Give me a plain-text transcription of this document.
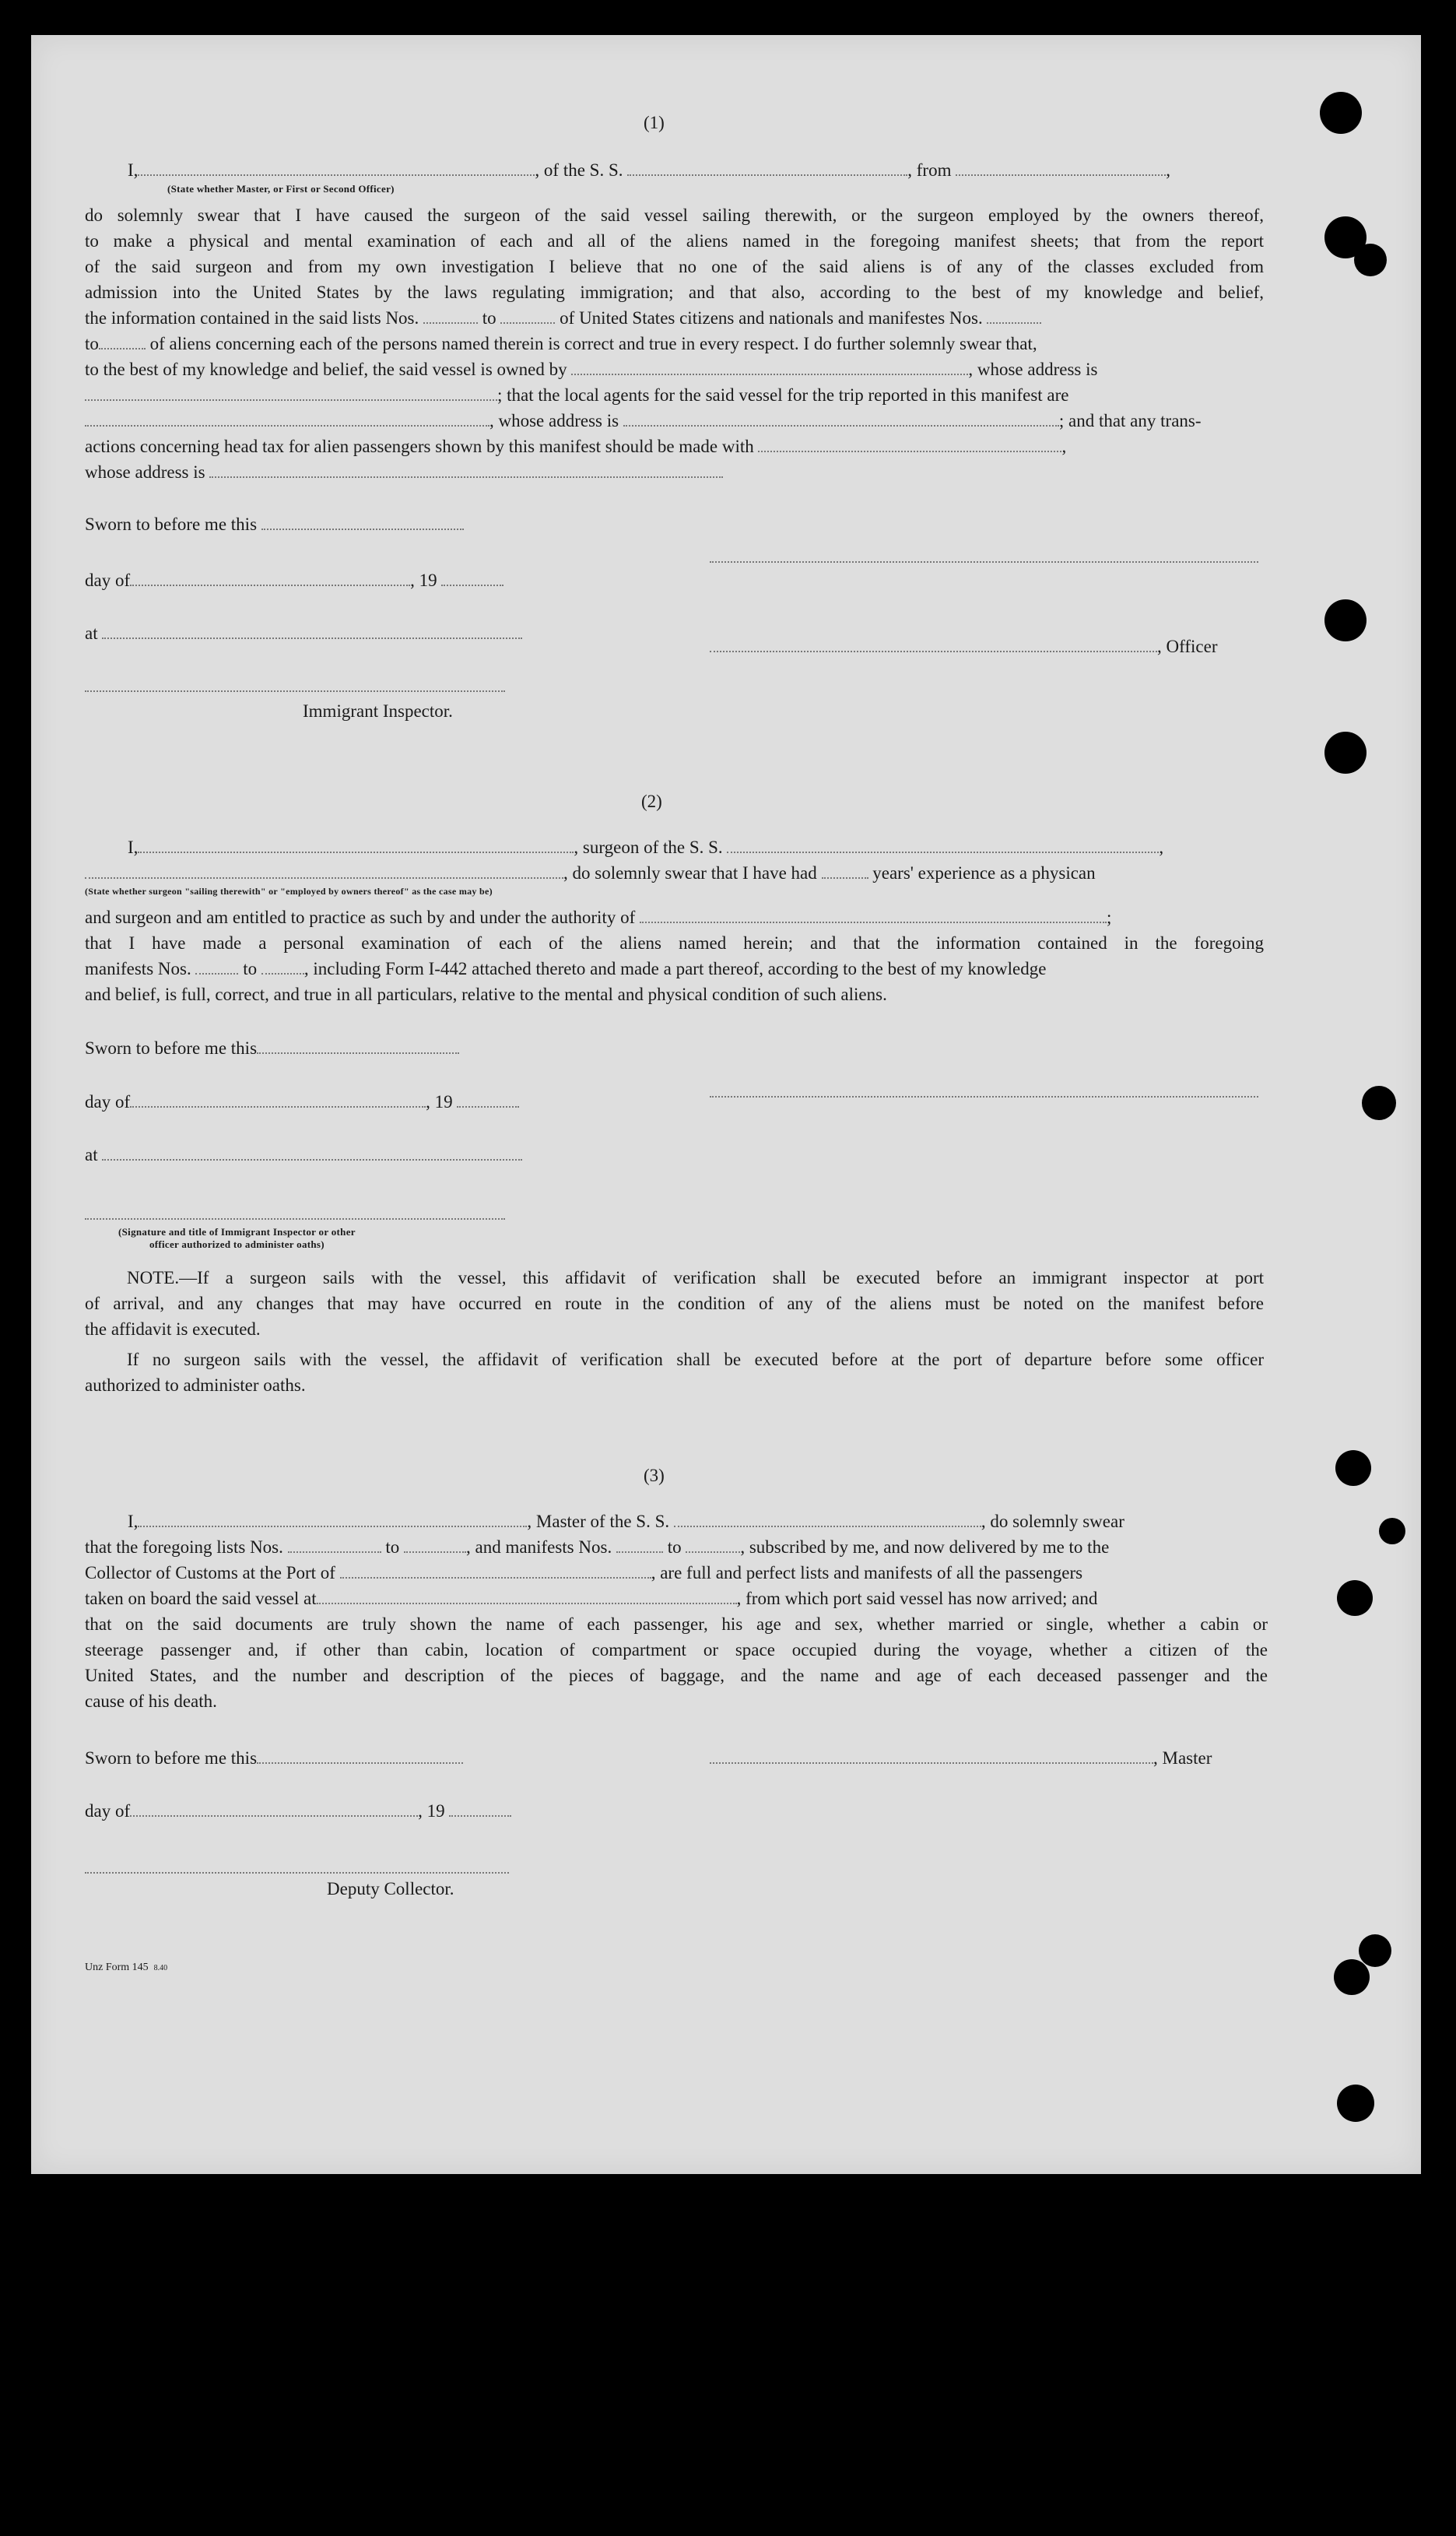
(1)
I,	, of the S. S.	, from	,
(State whether Master, or First or Second Officer)
do solemnly swear that I have caused the surgeon of the said vessel sailing therewith, or the surgeon employed by the owners thereof,
to make a physical and mental examination of each and all of the aliens named in the foregoing manifest sheets; that from the report
of the said surgeon and from my own investigation I believe that no one of the said aliens is of any of the classes excluded from
admission into the United States by the laws regulating immigration; and that also, according to the best of my knowledge and belief,
the information contained in the said lists Nos.	to	of United States citizens and nationals and manifestes Nos.
to	of aliens concerning each of the persons named therein is correct and true in every respect. I do further solemnly swear that,
to the best of my knowledge and belief, the said vessel is owned by	, whose address is
; that the local agents for the said vessel for the trip reported in this manifest are
, whose address is	; and that any trans-
actions concerning head tax for alien passengers shown by this manifest should be made with	,
whose address is
Sworn to before me this
day of	, 19
at
, Officer
Immigrant Inspector.
(2)
I,	, surgeon of the S. S.	,
, do solemnly swear that I have had	years' experience as a physican
(State whether surgeon "sailing therewith" or "employed by owners thereof" as the case may be)
and surgeon and am entitled to practice as such by and under the authority of	;
that I have made a personal examination of each of the aliens named herein; and that the information contained in the foregoing
manifests Nos.	to	, including Form I-442 attached thereto and made a part thereof, according to the best of my knowledge
and belief, is full, correct, and true in all particulars, relative to the mental and physical condition of such aliens.
Sworn to before me this
day of	, 19
at
(Signature and title of Immigrant Inspector or other
officer authorized to administer oaths)
NOTE.—If a surgeon sails with the vessel, this affidavit of verification shall be executed before an immigrant inspector at port
of arrival, and any changes that may have occurred en route in the condition of any of the aliens must be noted on the manifest before
the affidavit is executed.
If no surgeon sails with the vessel, the affidavit of verification shall be executed before at the port of departure before some officer
authorized to administer oaths.
(3)
I,	, Master of the S. S.	, do solemnly swear
that the foregoing lists Nos.	to	, and manifests Nos.	to	, subscribed by me, and now delivered by me to the
Collector of Customs at the Port of	, are full and perfect lists and manifests of all the passengers
taken on board the said vessel at	, from which port said vessel has now arrived; and
that on the said documents are truly shown the name of each passenger, his age and sex, whether married or single, whether a cabin or
steerage passenger and, if other than cabin, location of compartment or space occupied during the voyage, whether a citizen of the
United States, and the number and description of the pieces of baggage, and the name and age of each deceased passenger and the
cause of his death.
Sworn to before me this	, Master
day of	, 19
Deputy Collector.
Unz Form 145 8.40
